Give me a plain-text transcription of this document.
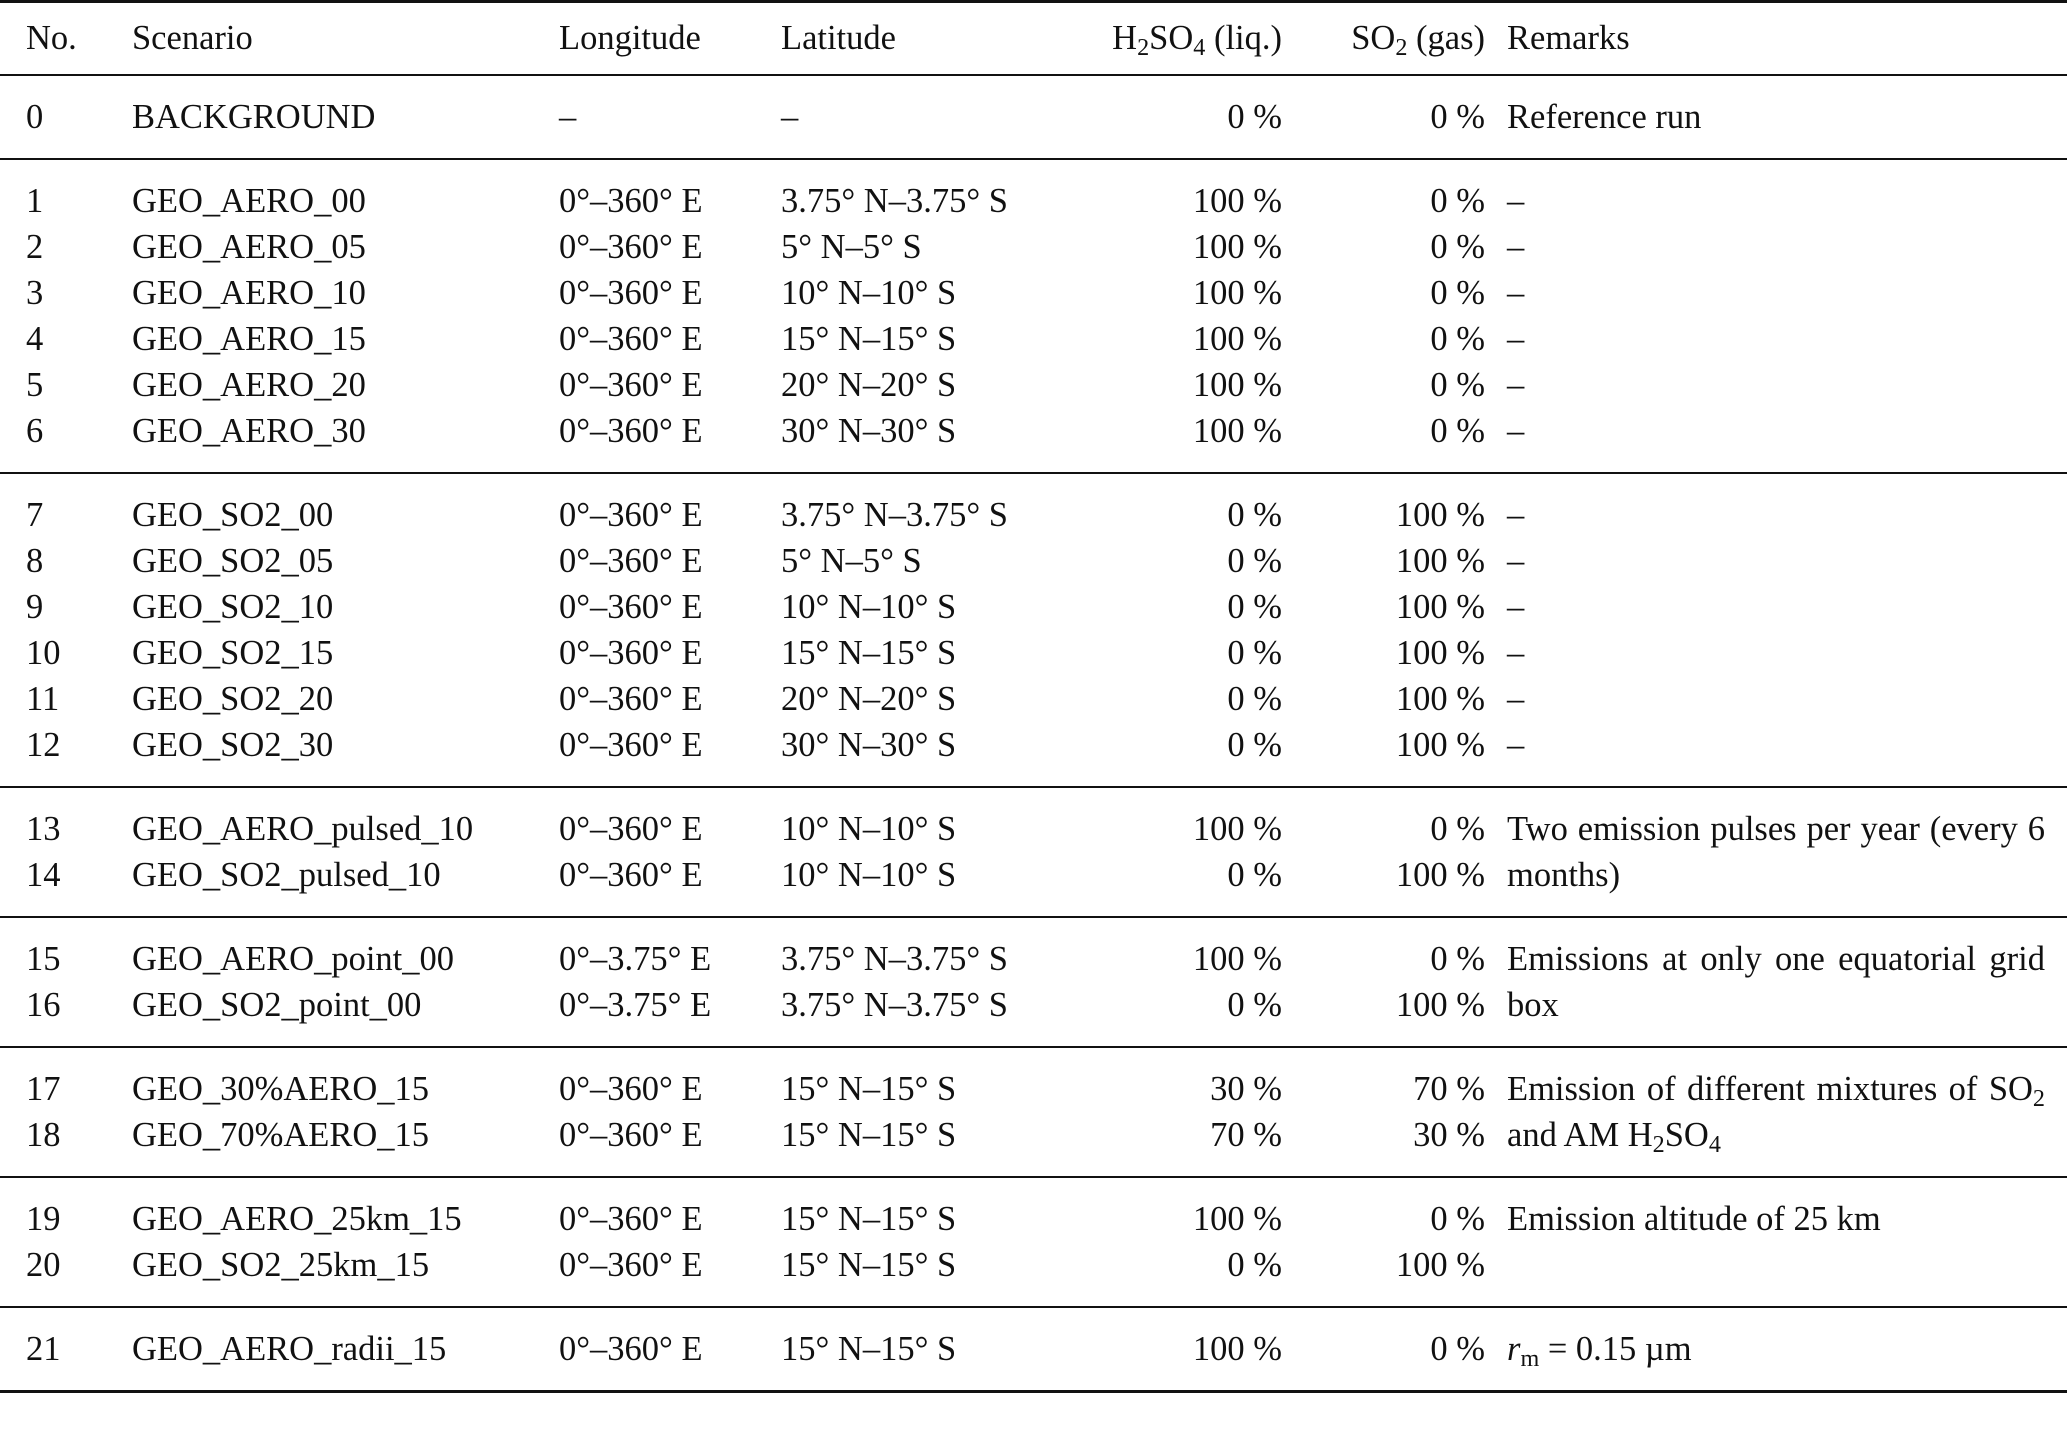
No.	Scenario	Longitude	Latitude	$H_2SO_4$ (liq.)	$SO_2$ (gas)	Remarks
0	BACKGROUND	–	–	0 %	0 %	Reference run
1	GEO_AERO_00	0°–360° E	3.75° N–3.75° S	100 %	0 %	–
2	GEO_AERO_05	0°–360° E	5° N–5° S	100 %	0 %	–
3	GEO_AERO_10	0°–360° E	10° N–10° S	100 %	0 %	–
4	GEO_AERO_15	0°–360° E	15° N–15° S	100 %	0 %	–
5	GEO_AERO_20	0°–360° E	20° N–20° S	100 %	0 %	–
6	GEO_AERO_30	0°–360° E	30° N–30° S	100 %	0 %	–
7	GEO_SO2_00	0°–360° E	3.75° N–3.75° S	0 %	100 %	–
8	GEO_SO2_05	0°–360° E	5° N–5° S	0 %	100 %	–
9	GEO_SO2_10	0°–360° E	10° N–10° S	0 %	100 %	–
10	GEO_SO2_15	0°–360° E	15° N–15° S	0 %	100 %	–
11	GEO_SO2_20	0°–360° E	20° N–20° S	0 %	100 %	–
12	GEO_SO2_30	0°–360° E	30° N–30° S	0 %	100 %	–
13	GEO_AERO_pulsed_10	0°–360° E	10° N–10° S	100 %	0 %	Two emission pulses per year (every 6 months)
14	GEO_SO2_pulsed_10	0°–360° E	10° N–10° S	0 %	100 %	
15	GEO_AERO_point_00	0°–3.75° E	3.75° N–3.75° S	100 %	0 %	Emissions at only one equatorial grid box
16	GEO_SO2_point_00	0°–3.75° E	3.75° N–3.75° S	0 %	100 %	
17	GEO_30%AERO_15	0°–360° E	15° N–15° S	30 %	70 %	Emission of different mixtures of $SO_2$ and AM $H_2SO_4$
18	GEO_70%AERO_15	0°–360° E	15° N–15° S	70 %	30 %	
19	GEO_AERO_25km_15	0°–360° E	15° N–15° S	100 %	0 %	Emission altitude of 25 km
20	GEO_SO2_25km_15	0°–360° E	15° N–15° S	0 %	100 %	
21	GEO_AERO_radii_15	0°–360° E	15° N–15° S	100 %	0 %	$r_m = 0.15$ µm
